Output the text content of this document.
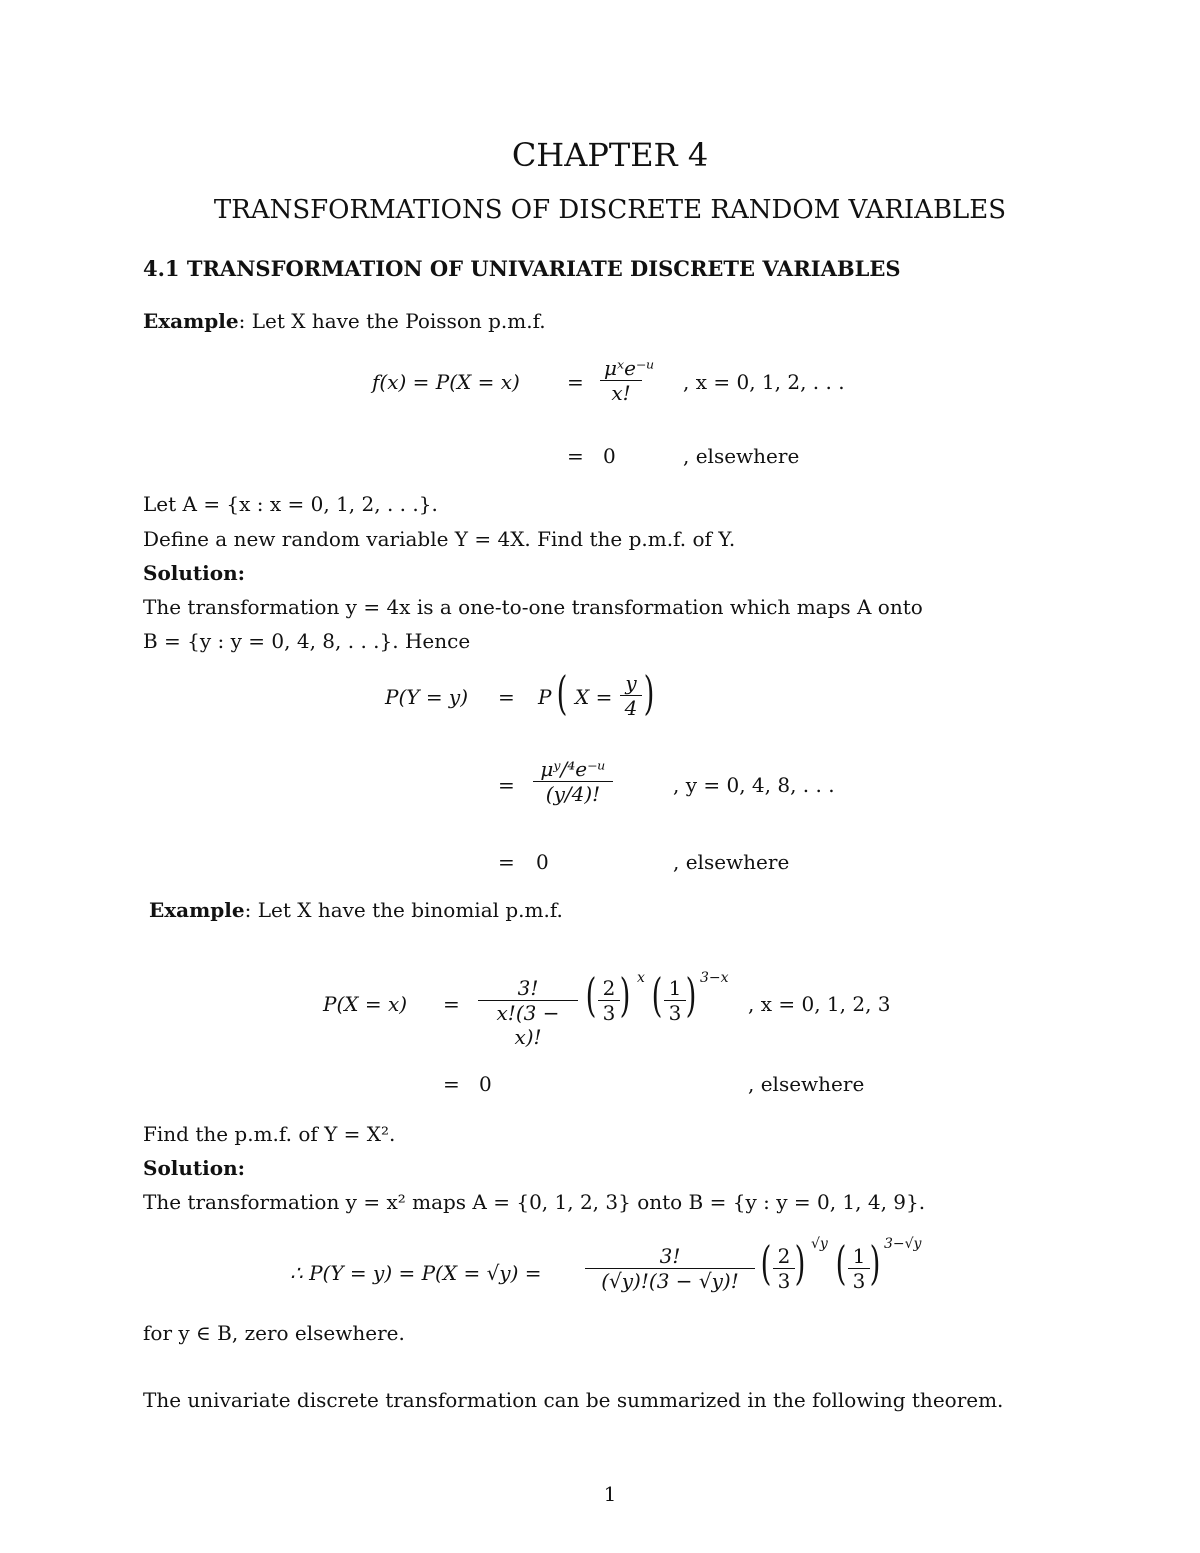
CHAPTER 4
TRANSFORMATIONS OF DISCRETE RANDOM VARIABLES
4.1 TRANSFORMATION OF UNIVARIATE DISCRETE VARIABLES
Example: Let X have the Poisson p.m.f.
f(x) = P(X = x) =
μˣe⁻ᵘ
x!	, x = 0, 1, 2, . . .
= 0	, elsewhere
Let A = {x : x = 0, 1, 2, . . .}.
Define a new random variable Y = 4X. Find the p.m.f. of Y.
Solution:
The transformation y = 4x is a one-to-one transformation which maps A onto
B = {y : y = 0, 4, 8, . . .}. Hence
P(Y = y) = P ( X =
y
4 )
=
μʸ/⁴e⁻ᵘ
(y/4)!	, y = 0, 4, 8, . . .
= 0	, elsewhere
Example: Let X have the binomial p.m.f.
P(X = x) =
3!
x!(3 − x)!
( 2
3 ) x ( 1
3 ) 3−x
, x = 0, 1, 2, 3
= 0	, elsewhere
Find the p.m.f. of Y = X².
Solution:
The transformation y = x² maps A = {0, 1, 2, 3} onto B = {y : y = 0, 1, 4, 9}.
∴ P(Y = y) = P(X = √y) =
3!
(√y)!(3 − √y)! ( 2
3 ) √y ( 1
3 ) 3−√y
for y ∈ B, zero elsewhere.
The univariate discrete transformation can be summarized in the following theorem.
1
